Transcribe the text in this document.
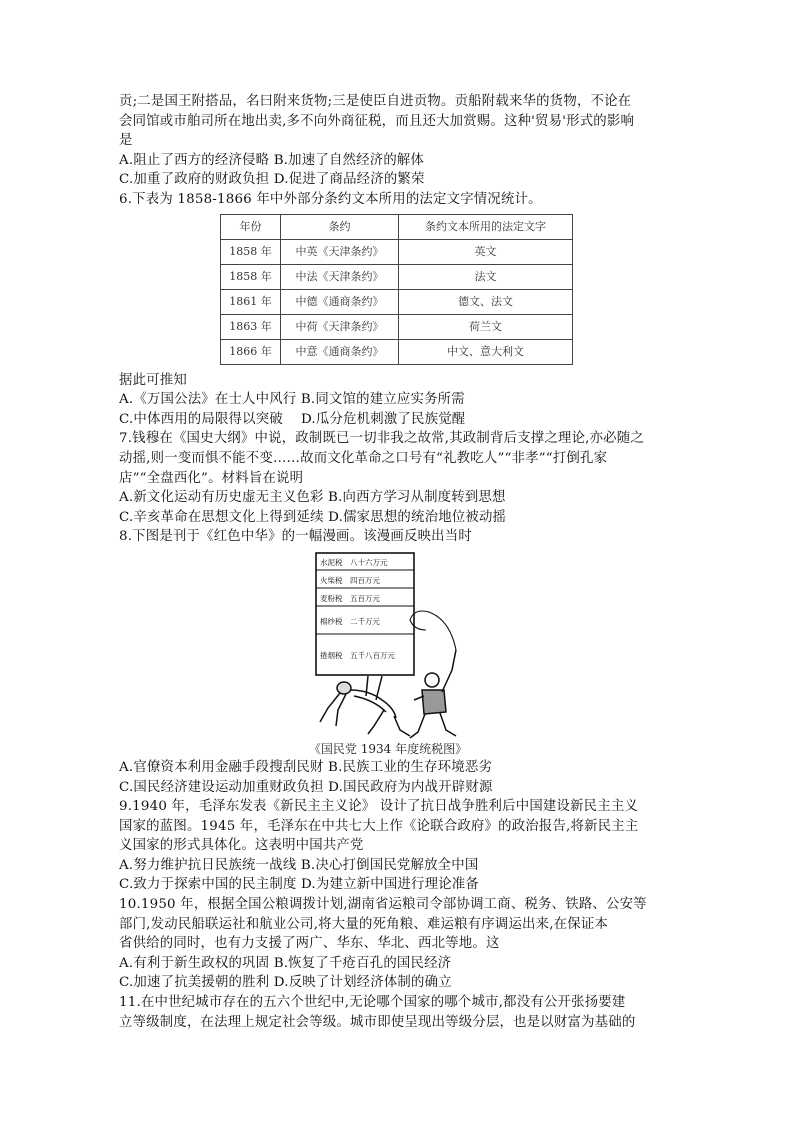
贡;二是国王附搭品，名曰附来货物;三是使臣自进贡物。贡船附载来华的货物，不论在
会同馆或市舶司所在地出卖,多不向外商征税，而且还大加赏赐。这种'贸易'形式的影响
是
A.阻止了西方的经济侵略 B.加速了自然经济的解体
C.加重了政府的财政负担 D.促进了商品经济的繁荣
6.下表为 1858-1866 年中外部分条约文本所用的法定文字情况统计。
年份	条约	条约文本所用的法定文字
1858 年	中英《天津条约》	英文
1858 年	中法《天津条约》	法文
1861 年	中德《通商条约》	德文、法文
1863 年	中荷《天津条约》	荷兰文
1866 年	中意《通商条约》	中文、意大利文
据此可推知
A.《万国公法》在士人中风行 B.同文馆的建立应实务所需
C.中体西用的局限得以突破　 D.瓜分危机刺激了民族觉醒
7.钱穆在《国史大纲》中说，政制既已一切非我之故常,其政制背后支撑之理论,亦必随之
动摇,则一变而惧不能不变……故而文化革命之口号有“礼教吃人”“非孝”“打倒孔家
店”“全盘西化”。材料旨在说明
A.新文化运动有历史虚无主义色彩 B.向西方学习从制度转到思想
C.辛亥革命在思想文化上得到延续 D.儒家思想的统治地位被动摇
8.下图是刊于《红色中华》的一幅漫画。该漫画反映出当时
水泥税　八十六万元
火柴税　四百万元
麦粉税　五百万元
棉纱税　二千万元
捲烟税　五千八百万元
《国民党 1934 年度统税图》
A.官僚资本利用金融手段搜刮民财 B.民族工业的生存环境恶劣
C.国民经济建设运动加重财政负担 D.国民政府为内战开辟财源
9.1940 年，毛泽东发表《新民主主义论》 设计了抗日战争胜利后中国建设新民主主义
国家的蓝图。1945 年，毛泽东在中共七大上作《论联合政府》的政治报告,将新民主主
义国家的形式具体化。这表明中国共产党
A.努力维护抗日民族统一战线 B.决心打倒国民党解放全中国
C.致力于探索中国的民主制度 D.为建立新中国进行理论准备
10.1950 年，根据全国公粮调拨计划,湖南省运粮司令部协调工商、税务、铁路、公安等
部门,发动民船联运社和航业公司,将大量的死角粮、难运粮有序调运出来,在保证本
省供给的同时，也有力支援了两广、华东、华北、西北等地。这
A.有利于新生政权的巩固 B.恢复了千疮百孔的国民经济
C.加速了抗美援朝的胜利 D.反映了计划经济体制的确立
11.在中世纪城市存在的五六个世纪中,无论哪个国家的哪个城市,都没有公开张扬要建
立等级制度，在法理上规定社会等级。城市即使呈现出等级分层，也是以财富为基础的
